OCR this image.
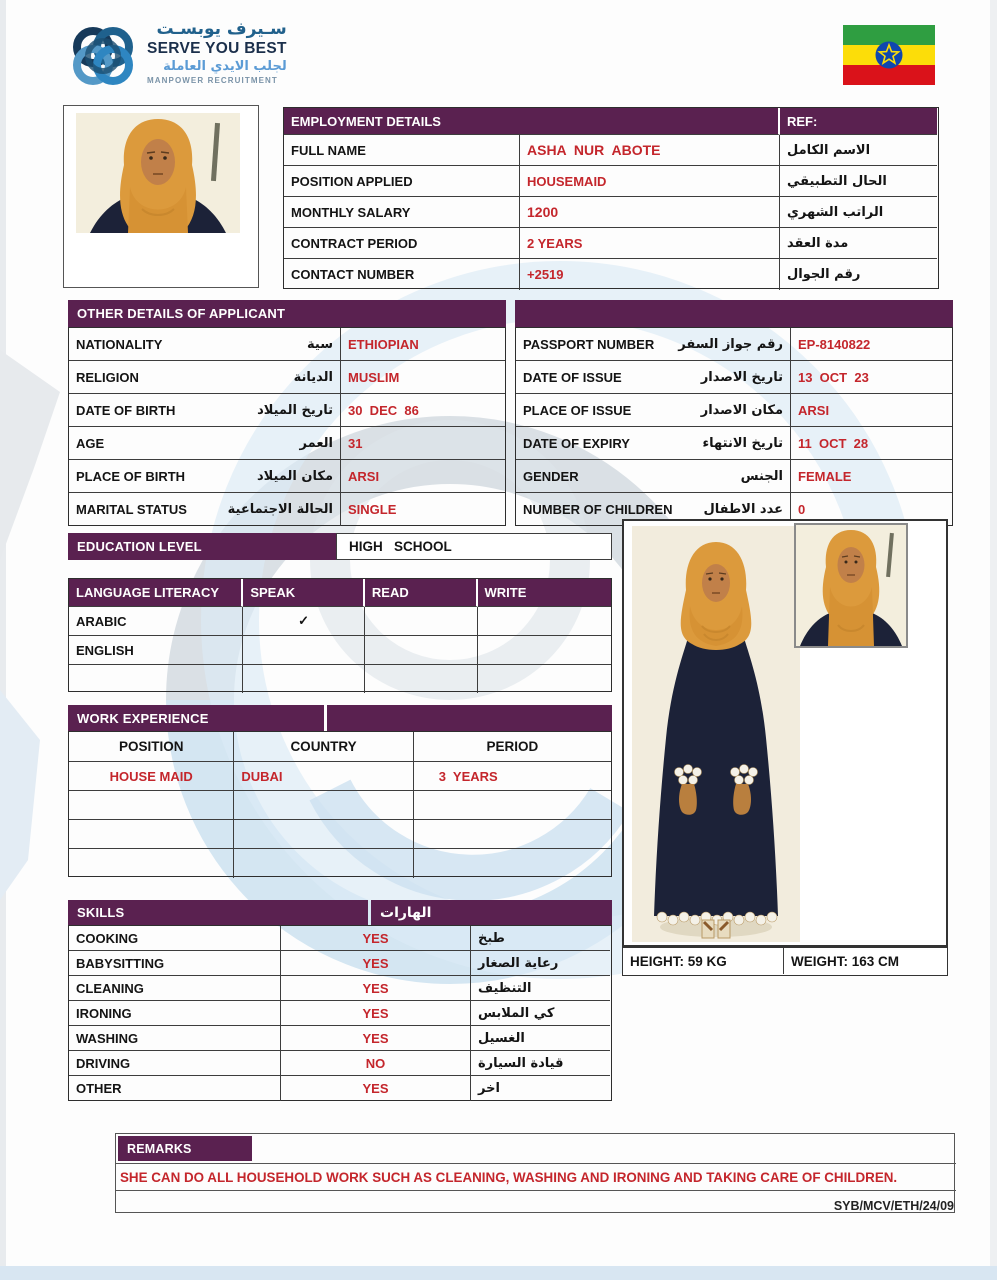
سـيرف يوبسـت
SERVE YOU BEST
لجلب الايدي العاملة
MANPOWER RECRUITMENT
EMPLOYMENT DETAILS	REF:
FULL NAME	ASHA  NUR  ABOTE	الاسم الكامل
POSITION APPLIED	HOUSEMAID	الحال التطبيقي
MONTHLY SALARY	1200	الراتب الشهري
CONTRACT PERIOD	2 YEARS	مدة العقد
CONTACT NUMBER	+2519	رقم الجوال
OTHER DETAILS OF APPLICANT
NATIONALITY	سية	ETHIOPIAN
RELIGION	الديانة	MUSLIM
DATE OF BIRTH	تاريخ الميلاد	30  DEC  86
AGE	العمر	31
PLACE OF BIRTH	مكان الميلاد	ARSI
MARITAL STATUS	الحالة الاجتماعية	SINGLE
PASSPORT NUMBER رقم جواز السفر	EP-8140822
DATE OF ISSUE	تاريخ الاصدار	13  OCT  23
PLACE OF ISSUE	مكان الاصدار	ARSI
DATE OF EXPIRY	تاريخ الانتهاء	11  OCT  28
GENDER	الجنس	FEMALE
NUMBER OF CHILDREN عدد الاطفال	0
EDUCATION LEVEL	HIGH   SCHOOL
LANGUAGE LITERACY	SPEAK	READ	WRITE
ARABIC	✓
ENGLISH
WORK EXPERIENCE
POSITION	COUNTRY	PERIOD
HOUSE MAID	DUBAI	3  YEARS
SKILLS	الهارات
COOKING	YES	طبخ
BABYSITTING	YES	رعاية الصغار
CLEANING	YES	التنظيف
IRONING	YES	كي الملابس
WASHING	YES	الغسيل
DRIVING	NO	قيادة السيارة
OTHER	YES	اخر
HEIGHT: 59 KG	WEIGHT: 163 CM
REMARKS
SHE CAN DO ALL HOUSEHOLD WORK SUCH AS CLEANING, WASHING AND IRONING AND TAKING CARE OF CHILDREN.
SYB/MCV/ETH/24/09
